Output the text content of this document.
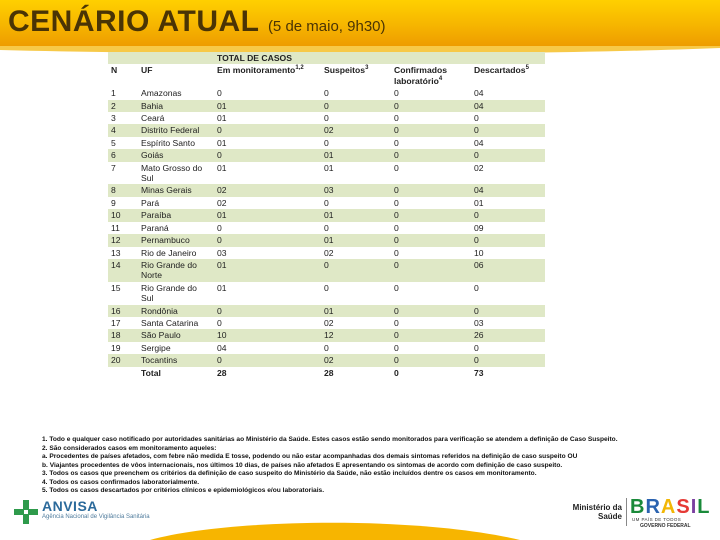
CENÁRIO ATUAL (5 de maio, 9h30)
		TOTAL DE CASOS			
N	UF	Em monitoramento$^{1,2}$	Suspeitos$^3$	Confirmados laboratório$^4$	Descartados$^5$
1	Amazonas	0	0	0	04
2	Bahia	01	0	0	04
3	Ceará	01	0	0	0
4	Distrito Federal	0	02	0	0
5	Espírito Santo	01	0	0	04
6	Goiás	0	01	0	0
7	Mato Grosso do Sul	01	01	0	02
8	Minas Gerais	02	03	0	04
9	Pará	02	0	0	01
10	Paraíba	01	01	0	0
11	Paraná	0	0	0	09
12	Pernambuco	0	01	0	0
13	Rio de Janeiro	03	02	0	10
14	Rio Grande do Norte	01	0	0	06
15	Rio Grande do Sul	01	0	0	0
16	Rondônia	0	01	0	0
17	Santa Catarina	0	02	0	03
18	São Paulo	10	12	0	26
19	Sergipe	04	0	0	0
20	Tocantins	0	02	0	0
	Total	28	28	0	73
1. Todo e qualquer caso notificado por autoridades sanitárias ao Ministério da Saúde. Estes casos estão sendo monitorados para verificação se atendem a definição de Caso Suspeito.
2. São considerados casos em monitoramento aqueles:
a. Procedentes de países afetados, com febre não medida E tosse, podendo ou não estar acompanhadas dos demais sintomas referidos na definição de caso suspeito OU
b. Viajantes procedentes de vôos internacionais, nos últimos 10 dias, de países não afetados E apresentando os sintomas de acordo com definição de caso suspeito.
3. Todos os casos que preenchem os critérios da definição de caso suspeito do Ministério da Saúde, não estão incluídos dentre os casos em monitoramento.
4. Todos os casos confirmados laboratorialmente.
5. Todos os casos descartados por critérios clínicos e epidemiológicos e/ou laboratoriais.
ANVISA
Agência Nacional de Vigilância Sanitária
Ministério da Saúde BRASIL
UM PAÍS DE TODOS
GOVERNO FEDERAL
